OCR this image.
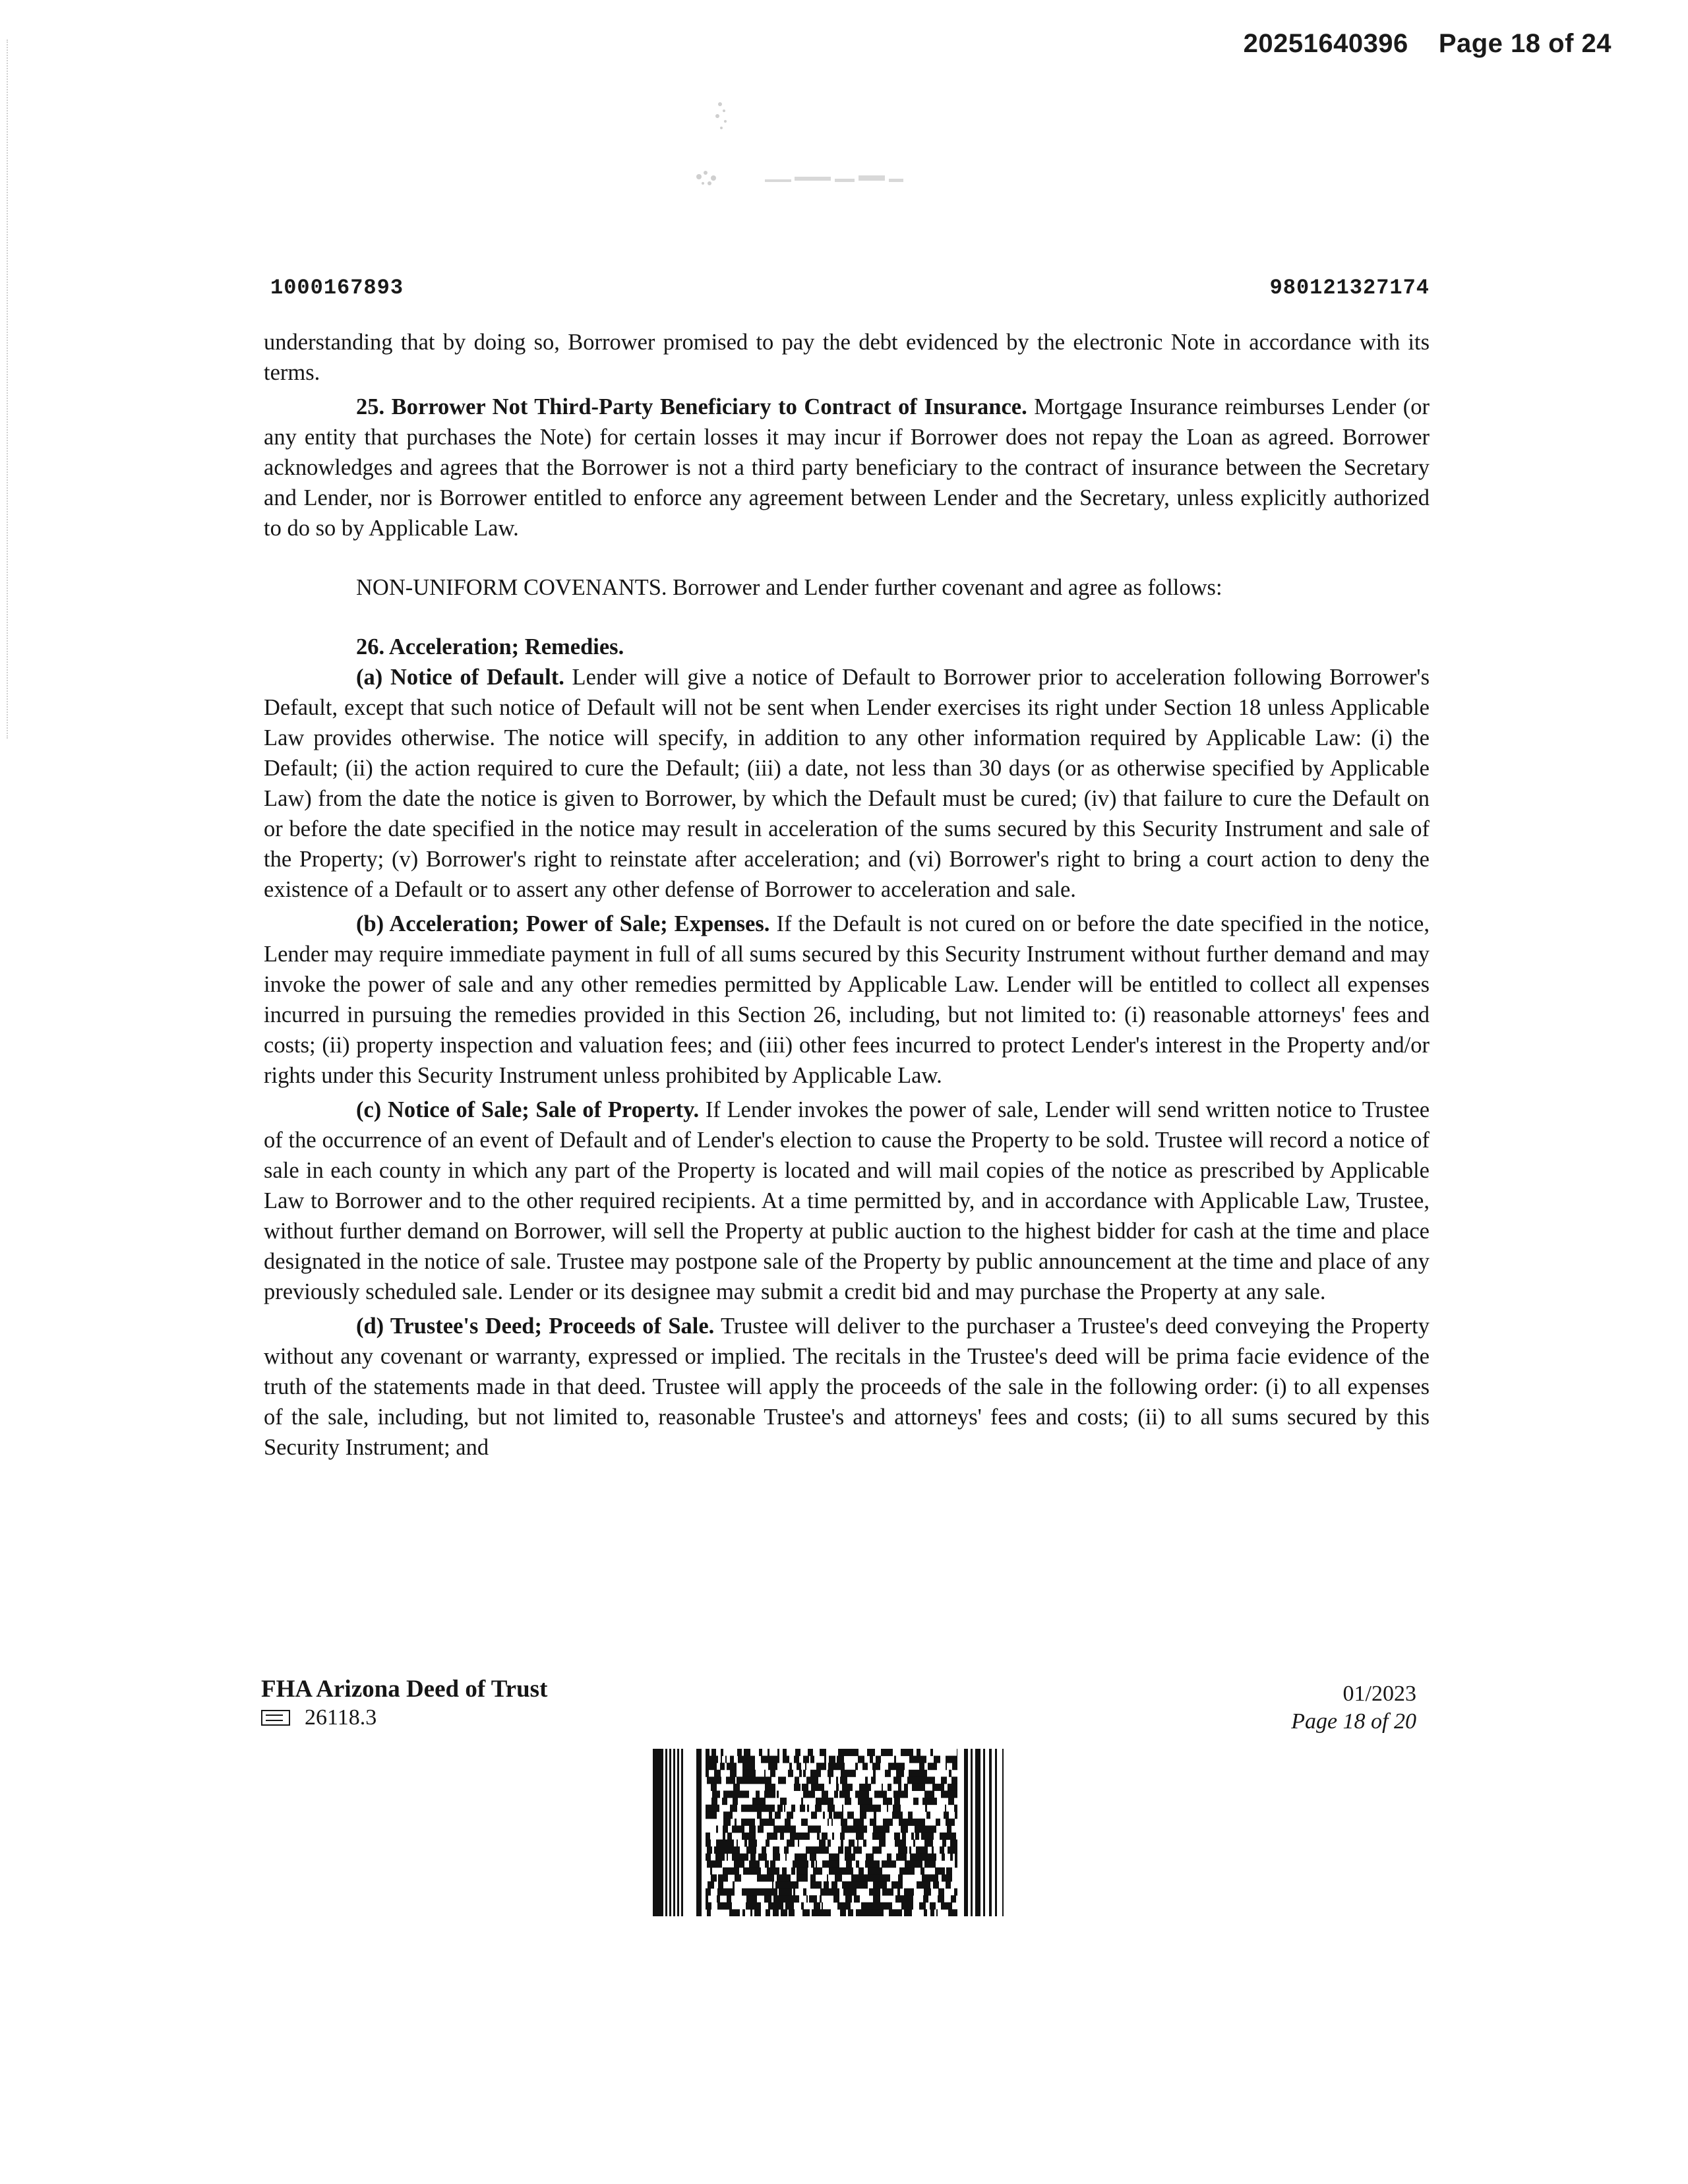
20251640396 Page 18 of 24
1000167893	980121327174

understanding that by doing so, Borrower promised to pay the debt evidenced by the electronic Note in accordance with its terms.

25. Borrower Not Third-Party Beneficiary to Contract of Insurance. Mortgage Insurance reimburses Lender (or any entity that purchases the Note) for certain losses it may incur if Borrower does not repay the Loan as agreed. Borrower acknowledges and agrees that the Borrower is not a third party beneficiary to the contract of insurance between the Secretary and Lender, nor is Borrower entitled to enforce any agreement between Lender and the Secretary, unless explicitly authorized to do so by Applicable Law.

NON-UNIFORM COVENANTS. Borrower and Lender further covenant and agree as follows:

26. Acceleration; Remedies.

(a) Notice of Default. Lender will give a notice of Default to Borrower prior to acceleration following Borrower's Default, except that such notice of Default will not be sent when Lender exercises its right under Section 18 unless Applicable Law provides otherwise. The notice will specify, in addition to any other information required by Applicable Law: (i) the Default; (ii) the action required to cure the Default; (iii) a date, not less than 30 days (or as otherwise specified by Applicable Law) from the date the notice is given to Borrower, by which the Default must be cured; (iv) that failure to cure the Default on or before the date specified in the notice may result in acceleration of the sums secured by this Security Instrument and sale of the Property; (v) Borrower's right to reinstate after acceleration; and (vi) Borrower's right to bring a court action to deny the existence of a Default or to assert any other defense of Borrower to acceleration and sale.

(b) Acceleration; Power of Sale; Expenses. If the Default is not cured on or before the date specified in the notice, Lender may require immediate payment in full of all sums secured by this Security Instrument without further demand and may invoke the power of sale and any other remedies permitted by Applicable Law. Lender will be entitled to collect all expenses incurred in pursuing the remedies provided in this Section 26, including, but not limited to: (i) reasonable attorneys' fees and costs; (ii) property inspection and valuation fees; and (iii) other fees incurred to protect Lender's interest in the Property and/or rights under this Security Instrument unless prohibited by Applicable Law.

(c) Notice of Sale; Sale of Property. If Lender invokes the power of sale, Lender will send written notice to Trustee of the occurrence of an event of Default and of Lender's election to cause the Property to be sold. Trustee will record a notice of sale in each county in which any part of the Property is located and will mail copies of the notice as prescribed by Applicable Law to Borrower and to the other required recipients. At a time permitted by, and in accordance with Applicable Law, Trustee, without further demand on Borrower, will sell the Property at public auction to the highest bidder for cash at the time and place designated in the notice of sale. Trustee may postpone sale of the Property by public announcement at the time and place of any previously scheduled sale. Lender or its designee may submit a credit bid and may purchase the Property at any sale.

(d) Trustee's Deed; Proceeds of Sale. Trustee will deliver to the purchaser a Trustee's deed conveying the Property without any covenant or warranty, expressed or implied. The recitals in the Trustee's deed will be prima facie evidence of the truth of the statements made in that deed. Trustee will apply the proceeds of the sale in the following order: (i) to all expenses of the sale, including, but not limited to, reasonable Trustee's and attorneys' fees and costs; (ii) to all sums secured by this Security Instrument; and

FHA Arizona Deed of Trust
26118.3
01/2023
Page 18 of 20
